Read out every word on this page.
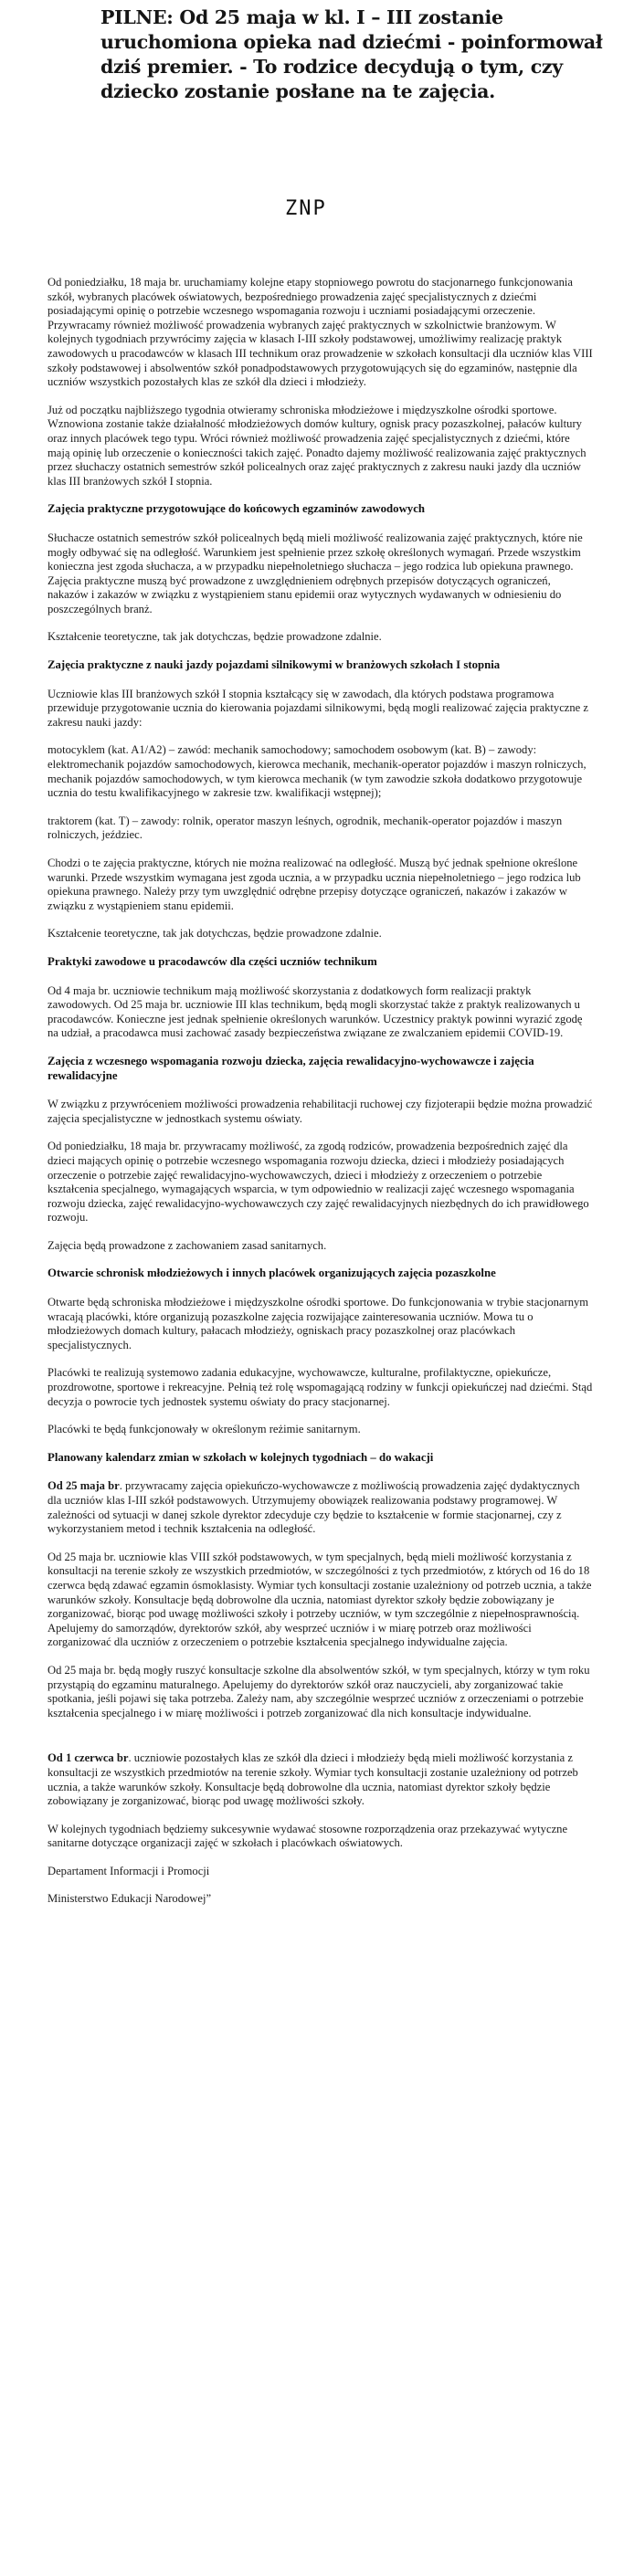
PILNE: Od 25 maja w kl. I – III zostanie uruchomiona opieka nad dziećmi - poinformował dziś premier. - To rodzice decydują o tym, czy dziecko zostanie posłane na te zajęcia.
ZNP

Od poniedziałku, 18 maja br. uruchamiamy kolejne etapy stopniowego powrotu do stacjonarnego funkcjonowania szkół, wybranych placówek oświatowych, bezpośredniego prowadzenia zajęć specjalistycznych z dziećmi posiadającymi opinię o potrzebie wczesnego wspomagania rozwoju i uczniami posiadającymi orzeczenie. Przywracamy również możliwość prowadzenia wybranych zajęć praktycznych w szkolnictwie branżowym. W kolejnych tygodniach przywrócimy zajęcia w klasach I-III szkoły podstawowej, umożliwimy realizację praktyk zawodowych u pracodawców w klasach III technikum oraz prowadzenie w szkołach konsultacji dla uczniów klas VIII szkoły podstawowej i absolwentów szkół ponadpodstawowych przygotowujących się do egzaminów, następnie dla uczniów wszystkich pozostałych klas ze szkół dla dzieci i młodzieży.

Już od początku najbliższego tygodnia otwieramy schroniska młodzieżowe i międzyszkolne ośrodki sportowe. Wznowiona zostanie także działalność młodzieżowych domów kultury, ognisk pracy pozaszkolnej, pałaców kultury oraz innych placówek tego typu. Wróci również możliwość prowadzenia zajęć specjalistycznych z dziećmi, które mają opinię lub orzeczenie o konieczności takich zajęć. Ponadto dajemy możliwość realizowania zajęć praktycznych przez słuchaczy ostatnich semestrów szkół policealnych oraz zajęć praktycznych z zakresu nauki jazdy dla uczniów klas III branżowych szkół I stopnia.

Zajęcia praktyczne przygotowujące do końcowych egzaminów zawodowych

Słuchacze ostatnich semestrów szkół policealnych będą mieli możliwość realizowania zajęć praktycznych, które nie mogły odbywać się na odległość. Warunkiem jest spełnienie przez szkołę określonych wymagań. Przede wszystkim konieczna jest zgoda słuchacza, a w przypadku niepełnoletniego słuchacza – jego rodzica lub opiekuna prawnego. Zajęcia praktyczne muszą być prowadzone z uwzględnieniem odrębnych przepisów dotyczących ograniczeń, nakazów i zakazów w związku z wystąpieniem stanu epidemii oraz wytycznych wydawanych w odniesieniu do poszczególnych branż.

Kształcenie teoretyczne, tak jak dotychczas, będzie prowadzone zdalnie.

Zajęcia praktyczne z nauki jazdy pojazdami silnikowymi w branżowych szkołach I stopnia

Uczniowie klas III branżowych szkół I stopnia kształcący się w zawodach, dla których podstawa programowa przewiduje przygotowanie ucznia do kierowania pojazdami silnikowymi, będą mogli realizować zajęcia praktyczne z zakresu nauki jazdy:

motocyklem (kat. A1/A2) – zawód: mechanik samochodowy; samochodem osobowym (kat. B) – zawody: elektromechanik pojazdów samochodowych, kierowca mechanik, mechanik-operator pojazdów i maszyn rolniczych, mechanik pojazdów samochodowych, w tym kierowca mechanik (w tym zawodzie szkoła dodatkowo przygotowuje ucznia do testu kwalifikacyjnego w zakresie tzw. kwalifikacji wstępnej);

traktorem (kat. T) – zawody: rolnik, operator maszyn leśnych, ogrodnik, mechanik-operator pojazdów i maszyn rolniczych, jeździec.

Chodzi o te zajęcia praktyczne, których nie można realizować na odległość. Muszą być jednak spełnione określone warunki. Przede wszystkim wymagana jest zgoda ucznia, a w przypadku ucznia niepełnoletniego – jego rodzica lub opiekuna prawnego. Należy przy tym uwzględnić odrębne przepisy dotyczące ograniczeń, nakazów i zakazów w związku z wystąpieniem stanu epidemii.

Kształcenie teoretyczne, tak jak dotychczas, będzie prowadzone zdalnie.

Praktyki zawodowe u pracodawców dla części uczniów technikum

Od 4 maja br. uczniowie technikum mają możliwość skorzystania z dodatkowych form realizacji praktyk zawodowych. Od 25 maja br. uczniowie III klas technikum, będą mogli skorzystać także z praktyk realizowanych u pracodawców. Konieczne jest jednak spełnienie określonych warunków. Uczestnicy praktyk powinni wyrazić zgodę na udział, a pracodawca musi zachować zasady bezpieczeństwa związane ze zwalczaniem epidemii COVID-19.

Zajęcia z wczesnego wspomagania rozwoju dziecka, zajęcia rewalidacyjno-wychowawcze i zajęcia rewalidacyjne

W związku z przywróceniem możliwości prowadzenia rehabilitacji ruchowej czy fizjoterapii będzie można prowadzić zajęcia specjalistyczne w jednostkach systemu oświaty.

Od poniedziałku, 18 maja br. przywracamy możliwość, za zgodą rodziców, prowadzenia bezpośrednich zajęć dla dzieci mających opinię o potrzebie wczesnego wspomagania rozwoju dziecka, dzieci i młodzieży posiadających orzeczenie o potrzebie zajęć rewalidacyjno-wychowawczych, dzieci i młodzieży z orzeczeniem o potrzebie kształcenia specjalnego, wymagających wsparcia, w tym odpowiednio w realizacji zajęć wczesnego wspomagania rozwoju dziecka, zajęć rewalidacyjno-wychowawczych czy zajęć rewalidacyjnych niezbędnych do ich prawidłowego rozwoju.

Zajęcia będą prowadzone z zachowaniem zasad sanitarnych.

Otwarcie schronisk młodzieżowych i innych placówek organizujących zajęcia pozaszkolne

Otwarte będą schroniska młodzieżowe i międzyszkolne ośrodki sportowe. Do funkcjonowania w trybie stacjonarnym wracają placówki, które organizują pozaszkolne zajęcia rozwijające zainteresowania uczniów. Mowa tu o młodzieżowych domach kultury, pałacach młodzieży, ogniskach pracy pozaszkolnej oraz placówkach specjalistycznych.

Placówki te realizują systemowo zadania edukacyjne, wychowawcze, kulturalne, profilaktyczne, opiekuńcze, prozdrowotne, sportowe i rekreacyjne. Pełnią też rolę wspomagającą rodziny w funkcji opiekuńczej nad dziećmi. Stąd decyzja o powrocie tych jednostek systemu oświaty do pracy stacjonarnej.

Placówki te będą funkcjonowały w określonym reżimie sanitarnym.

Planowany kalendarz zmian w szkołach w kolejnych tygodniach – do wakacji

Od 25 maja br. przywracamy zajęcia opiekuńczo-wychowawcze z możliwością prowadzenia zajęć dydaktycznych dla uczniów klas I-III szkół podstawowych. Utrzymujemy obowiązek realizowania podstawy programowej. W zależności od sytuacji w danej szkole dyrektor zdecyduje czy będzie to kształcenie w formie stacjonarnej, czy z wykorzystaniem metod i technik kształcenia na odległość.

Od 25 maja br. uczniowie klas VIII szkół podstawowych, w tym specjalnych, będą mieli możliwość korzystania z konsultacji na terenie szkoły ze wszystkich przedmiotów, w szczególności z tych przedmiotów, z których od 16 do 18 czerwca będą zdawać egzamin ósmoklasisty. Wymiar tych konsultacji zostanie uzależniony od potrzeb ucznia, a także warunków szkoły. Konsultacje będą dobrowolne dla ucznia, natomiast dyrektor szkoły będzie zobowiązany je zorganizować, biorąc pod uwagę możliwości szkoły i potrzeby uczniów, w tym szczególnie z niepełnosprawnością. Apelujemy do samorządów, dyrektorów szkół, aby wesprzeć uczniów i w miarę potrzeb oraz możliwości zorganizować dla uczniów z orzeczeniem o potrzebie kształcenia specjalnego indywidualne zajęcia.

Od 25 maja br. będą mogły ruszyć konsultacje szkolne dla absolwentów szkół, w tym specjalnych, którzy w tym roku przystąpią do egzaminu maturalnego. Apelujemy do dyrektorów szkół oraz nauczycieli, aby zorganizować takie spotkania, jeśli pojawi się taka potrzeba. Zależy nam, aby szczególnie wesprzeć uczniów z orzeczeniami o potrzebie kształcenia specjalnego i w miarę możliwości i potrzeb zorganizować dla nich konsultacje indywidualne.

Od 1 czerwca br. uczniowie pozostałych klas ze szkół dla dzieci i młodzieży będą mieli możliwość korzystania z konsultacji ze wszystkich przedmiotów na terenie szkoły. Wymiar tych konsultacji zostanie uzależniony od potrzeb ucznia, a także warunków szkoły. Konsultacje będą dobrowolne dla ucznia, natomiast dyrektor szkoły będzie zobowiązany je zorganizować, biorąc pod uwagę możliwości szkoły.

W kolejnych tygodniach będziemy sukcesywnie wydawać stosowne rozporządzenia oraz przekazywać wytyczne sanitarne dotyczące organizacji zajęć w szkołach i placówkach oświatowych.

Departament Informacji i Promocji

Ministerstwo Edukacji Narodowej”
